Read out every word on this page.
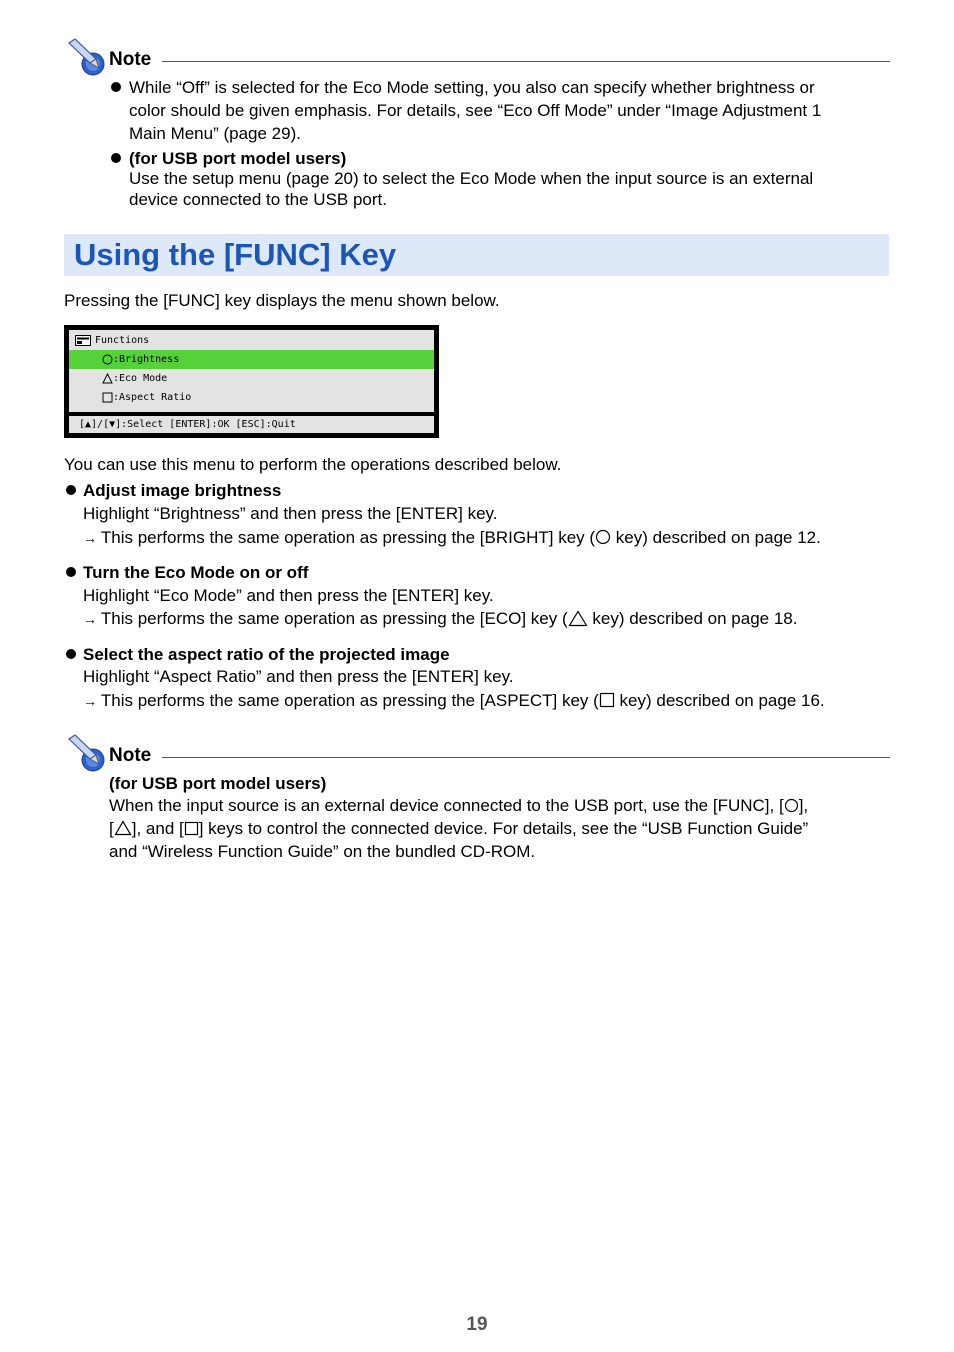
Note
While “Off” is selected for the Eco Mode setting, you also can specify whether brightness or
color should be given emphasis. For details, see “Eco Off Mode” under “Image Adjustment 1
Main Menu” (page 29).
(for USB port model users)
Use the setup menu (page 20) to select the Eco Mode when the input source is an external
device connected to the USB port.
Using the [FUNC] Key
Pressing the [FUNC] key displays the menu shown below.
Functions
:Brightness
:Eco Mode
:Aspect Ratio
[▲]/[▼]:Select [ENTER]:OK [ESC]:Quit
You can use this menu to perform the operations described below.
Adjust image brightness
Highlight “Brightness” and then press the [ENTER] key.
→ This performs the same operation as pressing the [BRIGHT] key ( key) described on page 12.
Turn the Eco Mode on or off
Highlight “Eco Mode” and then press the [ENTER] key.
→ This performs the same operation as pressing the [ECO] key ( key) described on page 18.
Select the aspect ratio of the projected image
Highlight “Aspect Ratio” and then press the [ENTER] key.
→ This performs the same operation as pressing the [ASPECT] key ( key) described on page 16.
Note
(for USB port model users)
When the input source is an external device connected to the USB port, use the [FUNC], [ ],
[ ], and [ ] keys to control the connected device. For details, see the “USB Function Guide”
and “Wireless Function Guide” on the bundled CD-ROM.
19
